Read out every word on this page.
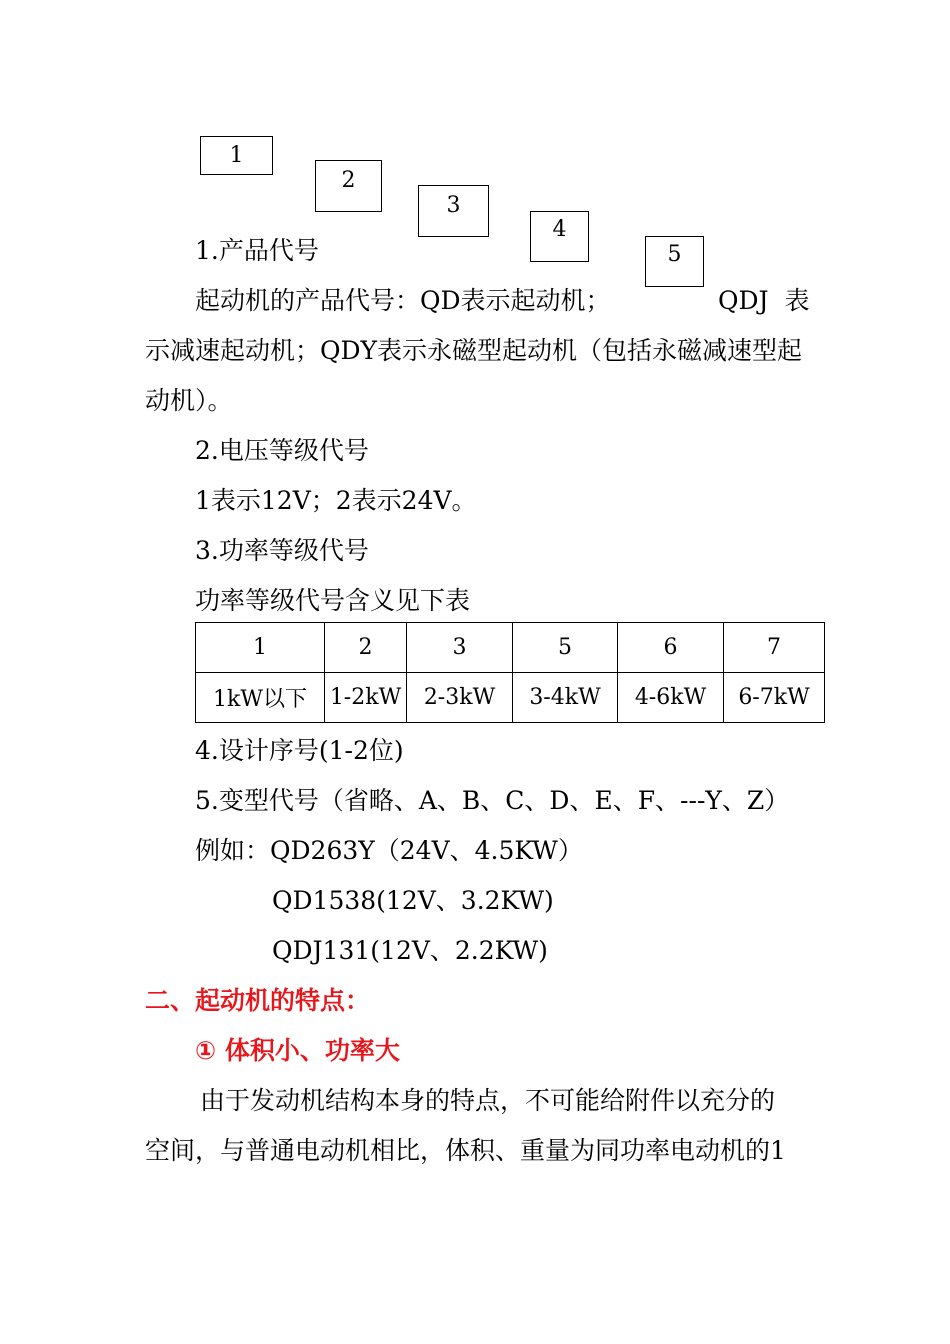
1
2
3
4
5
1.产品代号
起动机的产品代号：QD表示起动机；	QDJ  表
示减速起动机；QDY表示永磁型起动机（包括永磁减速型起
动机）。
2.电压等级代号
1表示12V；2表示24V。
3.功率等级代号
功率等级代号含义见下表
1	2	3	5	6	7
1kW以下	1-2kW	2-3kW	3-4kW	4-6kW	6-7kW
4.设计序号(1-2位)
5.变型代号（省略、A、B、C、D、E、F、---Y、Z）
例如：QD263Y（24V、4.5KW）
QD1538(12V、3.2KW)
QDJ131(12V、2.2KW)
二、起动机的特点：
① 体积小、功率大
由于发动机结构本身的特点，不可能给附件以充分的
空间，与普通电动机相比，体积、重量为同功率电动机的1
